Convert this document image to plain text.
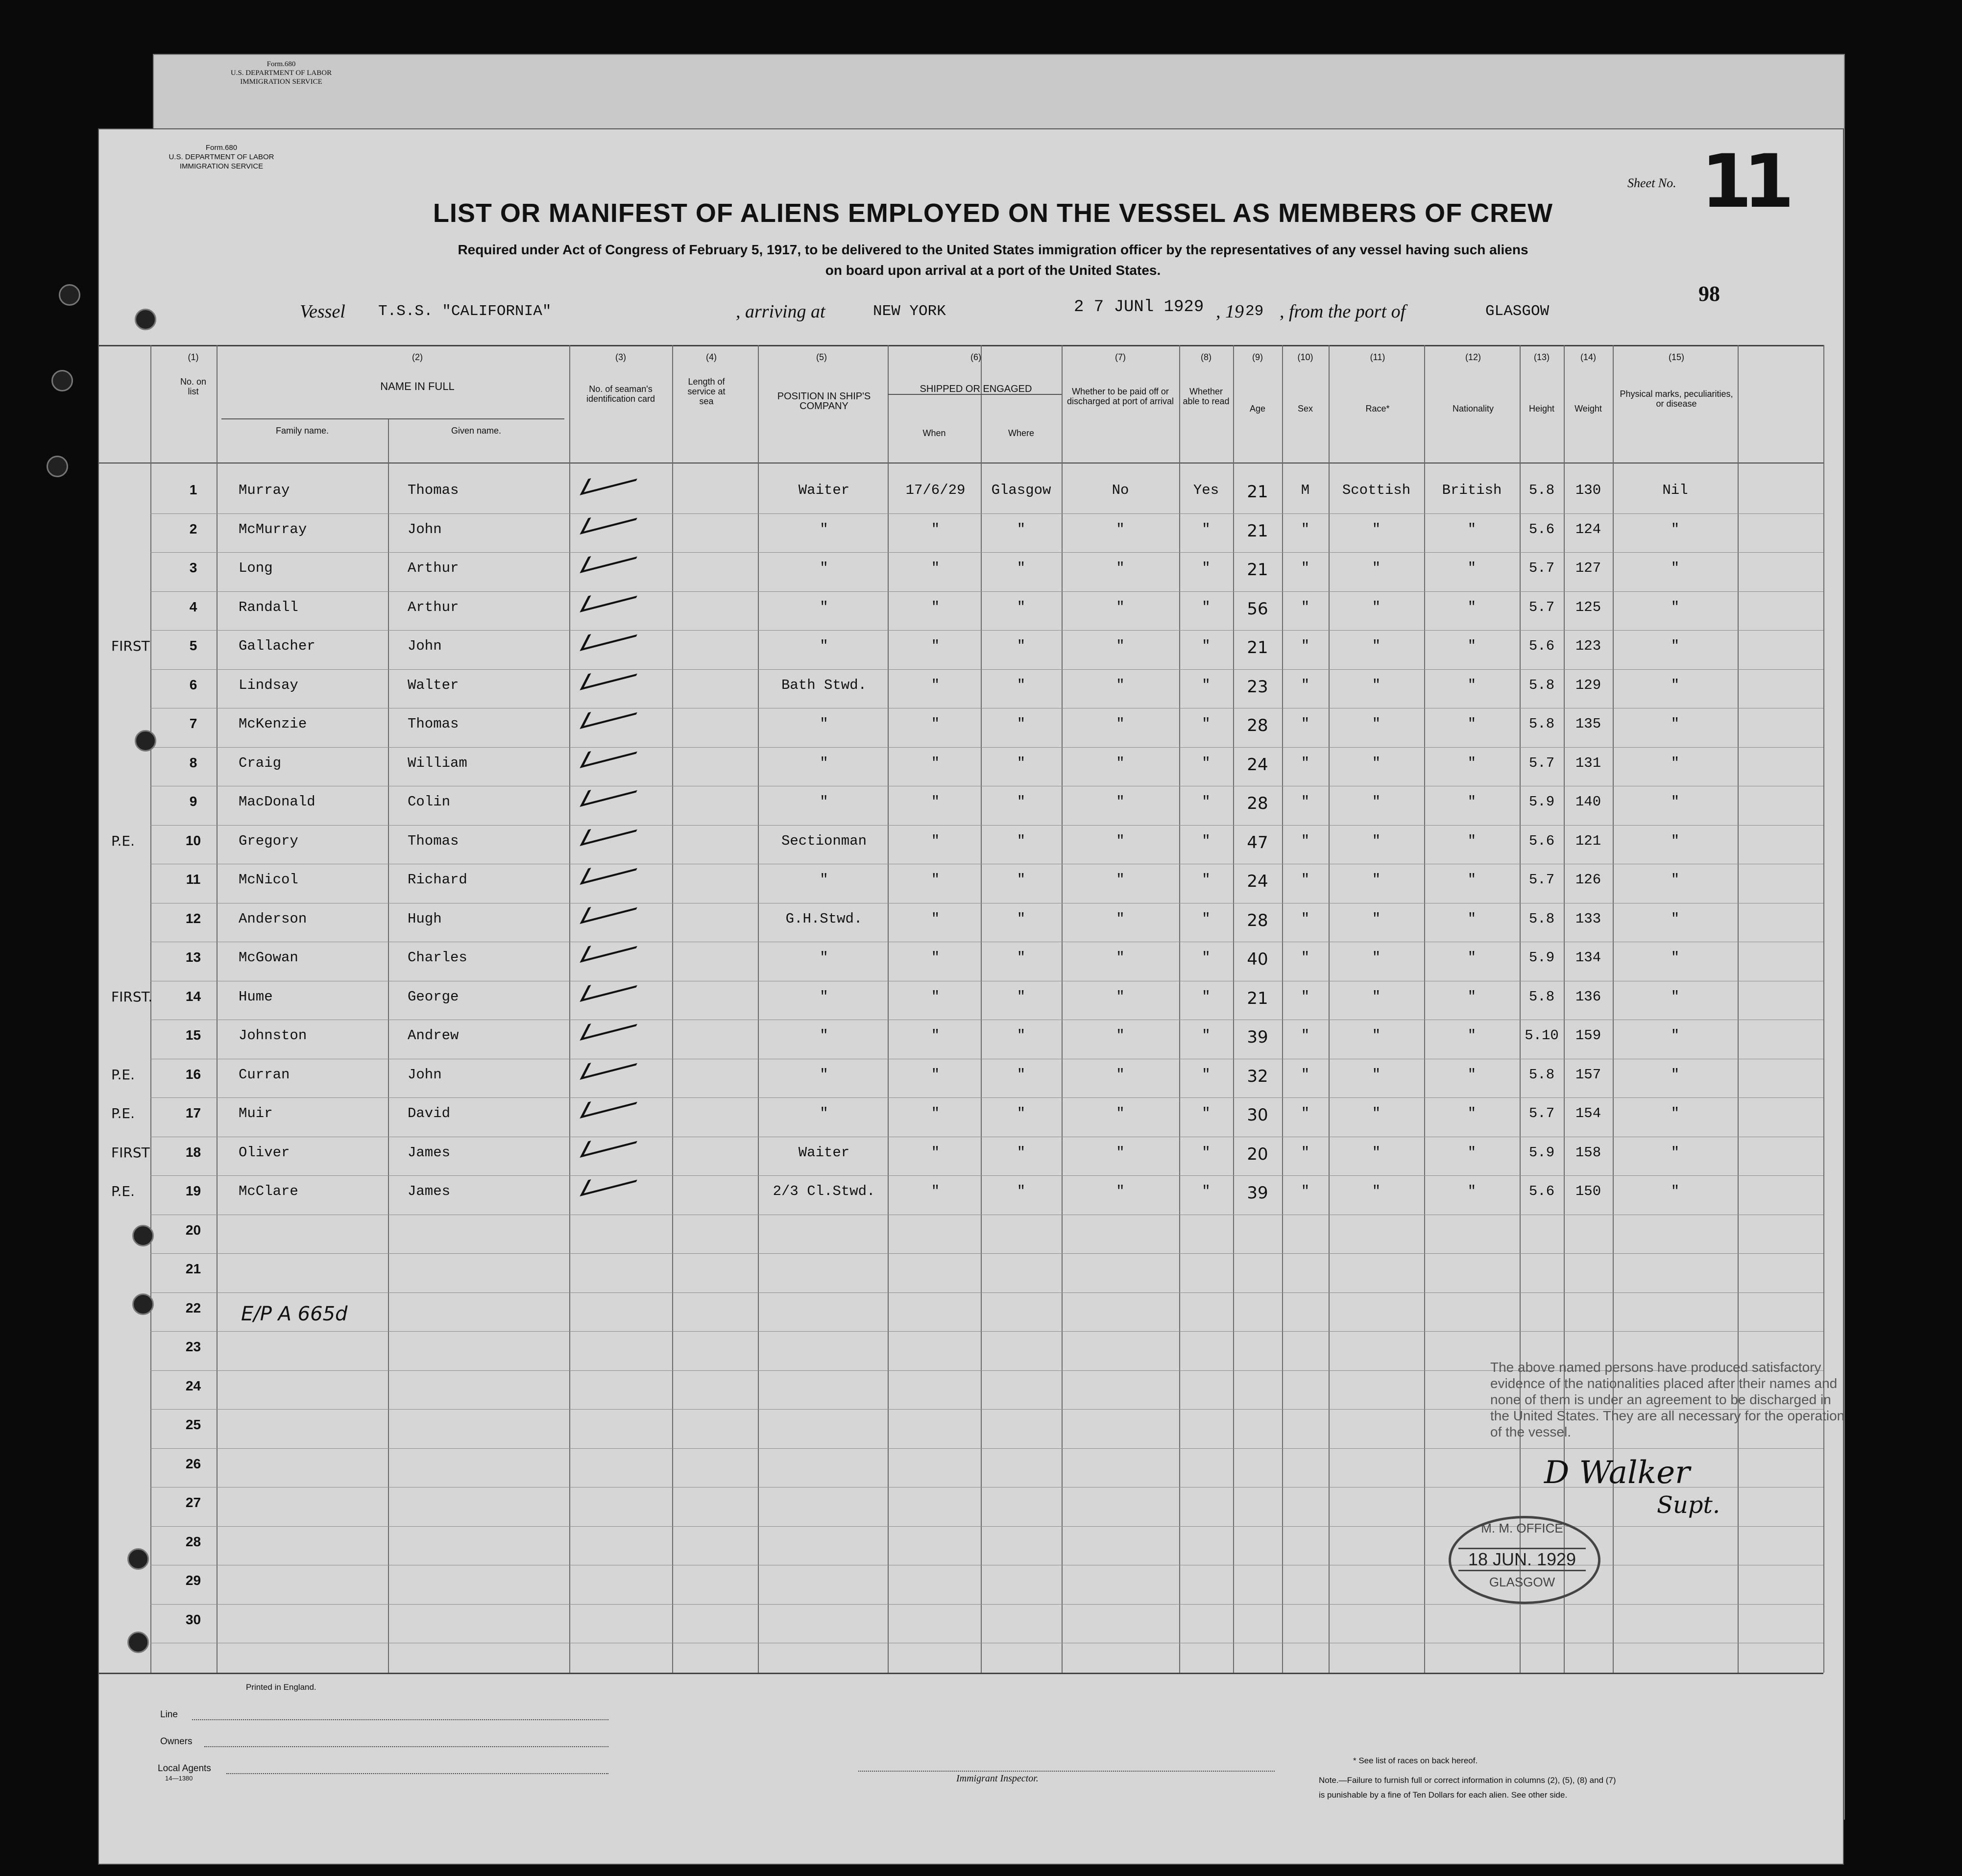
Form.680
U.S. DEPARTMENT OF LABOR
IMMIGRATION SERVICE
Form.680
U.S. DEPARTMENT OF LABOR
IMMIGRATION SERVICE
LIST OR MANIFEST OF ALIENS EMPLOYED ON THE VESSEL AS MEMBERS OF CREW
Required under Act of Congress of February 5, 1917, to be delivered to the United States immigration officer by the representatives of any vessel having such aliens
on board upon arrival at a port of the United States.
Sheet No. 11
98
Vessel T.S.S. "CALIFORNIA"	, arriving at	NEW YORK	2 7 JUNl 1929 , 19 29 , from the port of	GLASGOW
(1)
No. on list
(2)
NAME IN FULL
Family name.	Given name.
(3)
No. of seaman's identification card
(4)
Length of service at sea
(5)
POSITION IN SHIP'S COMPANY
(6)
SHIPPED OR ENGAGED
When	Where
(7)
Whether to be paid off or discharged at port of arrival
(8)
Whether able to read
(9)
Age
(10)
Sex
(11)
Race*
(12)
Nationality
(13)
Height
(14)
Weight
(15)
Physical marks, peculiarities, or disease
1	Murray	Thomas	Waiter	17/6/29	Glasgow	No	Yes	21	M	Scottish	British	5.8	130	Nil
2	McMurray	John	"	"	"	"	"	21	"	"	"	5.6	124	"
3	Long	Arthur	"	"	"	"	"	21	"	"	"	5.7	127	"
4	Randall	Arthur	"	"	"	"	"	56	"	"	"	5.7	125	"
5	Gallacher	John	"	"	"	"	"	21	"	"	"	5.6	123	"
6	Lindsay	Walter	Bath Stwd.	"	"	"	"	23	"	"	"	5.8	129	"
7	McKenzie	Thomas	"	"	"	"	"	28	"	"	"	5.8	135	"
8	Craig	William	"	"	"	"	"	24	"	"	"	5.7	131	"
9	MacDonald	Colin	"	"	"	"	"	28	"	"	"	5.9	140	"
10	Gregory	Thomas	Sectionman	"	"	"	"	47	"	"	"	5.6	121	"
11	McNicol	Richard	"	"	"	"	"	24	"	"	"	5.7	126	"
12	Anderson	Hugh	G.H.Stwd.	"	"	"	"	28	"	"	"	5.8	133	"
13	McGowan	Charles	"	"	"	"	"	40	"	"	"	5.9	134	"
14	Hume	George	"	"	"	"	"	21	"	"	"	5.8	136	"
15	Johnston	Andrew	"	"	"	"	"	39	"	"	"	5.10	159	"
16	Curran	John	"	"	"	"	"	32	"	"	"	5.8	157	"
17	Muir	David	"	"	"	"	"	30	"	"	"	5.7	154	"
18	Oliver	James	Waiter	"	"	"	"	20	"	"	"	5.9	158	"
19	McClare	James	2/3 Cl.Stwd.	"	"	"	"	39	"	"	"	5.6	150	"
20
21
22
23
24
25
26
27
28
29
30
FIRST
P.E.
FIRST.
P.E.
P.E.
FIRST
P.E.
E/P A 665d
The above named persons have produced satisfactory evidence of the nationalities placed after their names and none of them is under an agreement to be discharged in the United States. They are all necessary for the operation of the vessel.
D Walker
Supt.
M. M. OFFICE
18 JUN. 1929
GLASGOW
Printed in England.
Line
Owners
Local Agents
14—1380	Immigrant Inspector.
* See list of races on back hereof.
Note.—Failure to furnish full or correct information in columns (2), (5), (8) and (7)
is punishable by a fine of Ten Dollars for each alien. See other side.
